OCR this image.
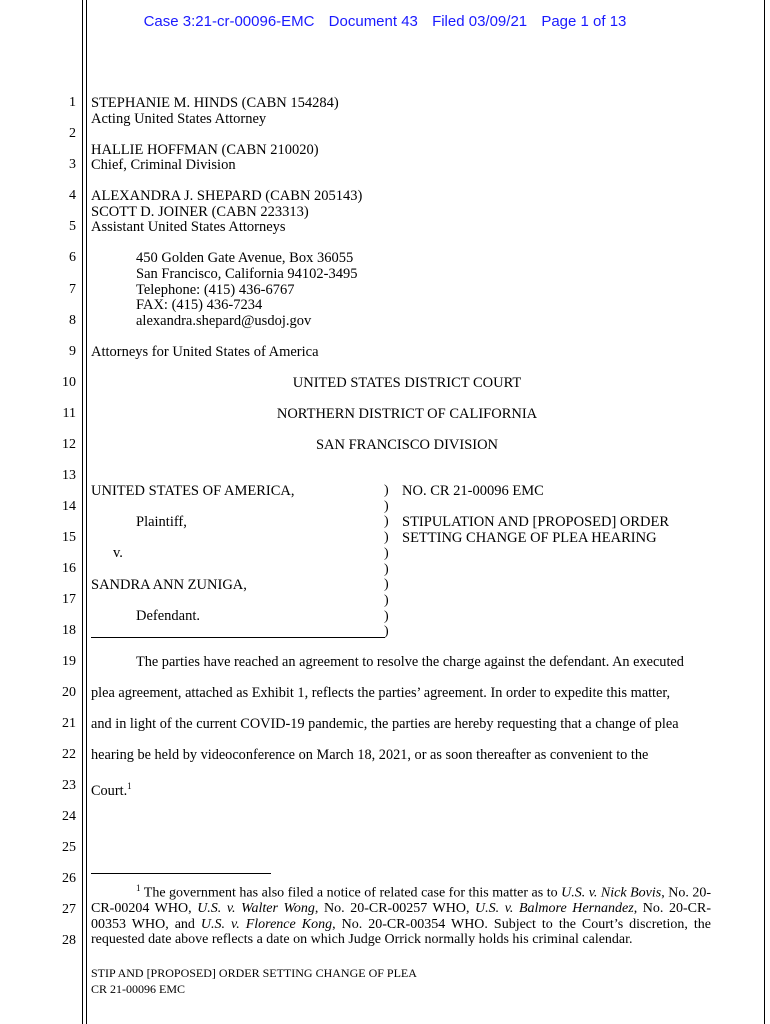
Case 3:21-cr-00096-EMC Document 43 Filed 03/09/21 Page 1 of 13
1
2
3
4
5
6
7
8
9
10
11
12
13
14
15
16
17
18
19
20
21
22
23
24
25
26
27
28
STEPHANIE M. HINDS (CABN 154284)
Acting United States Attorney
HALLIE HOFFMAN (CABN 210020)
Chief, Criminal Division
ALEXANDRA J. SHEPARD (CABN 205143)
SCOTT D. JOINER (CABN 223313)
Assistant United States Attorneys
450 Golden Gate Avenue, Box 36055
San Francisco, California 94102-3495
Telephone: (415) 436-6767
FAX: (415) 436-7234
alexandra.shepard@usdoj.gov
Attorneys for United States of America
UNITED STATES DISTRICT COURT
NORTHERN DISTRICT OF CALIFORNIA
SAN FRANCISCO DIVISION
UNITED STATES OF AMERICA,
Plaintiff,
v.
SANDRA ANN ZUNIGA,
Defendant.
)
)
)
)
)
)
)
)
)
)
NO. CR 21-00096 EMC
STIPULATION AND [PROPOSED] ORDER
SETTING CHANGE OF PLEA HEARING
The parties have reached an agreement to resolve the charge against the defendant. An executed
plea agreement, attached as Exhibit 1, reflects the parties’ agreement. In order to expedite this matter,
and in light of the current COVID-19 pandemic, the parties are hereby requesting that a change of plea
hearing be held by videoconference on March 18, 2021, or as soon thereafter as convenient to the
Court.$^1$
$^1$ The government has also filed a notice of related case for this matter as to U.S. v. Nick Bovis, No. 20-CR-00204 WHO, U.S. v. Walter Wong, No. 20-CR-00257 WHO, U.S. v. Balmore Hernandez, No. 20-CR-00353 WHO, and U.S. v. Florence Kong, No. 20-CR-00354 WHO. Subject to the Court’s discretion, the requested date above reflects a date on which Judge Orrick normally holds his criminal calendar.
STIP AND [PROPOSED] ORDER SETTING CHANGE OF PLEA
CR 21-00096 EMC
